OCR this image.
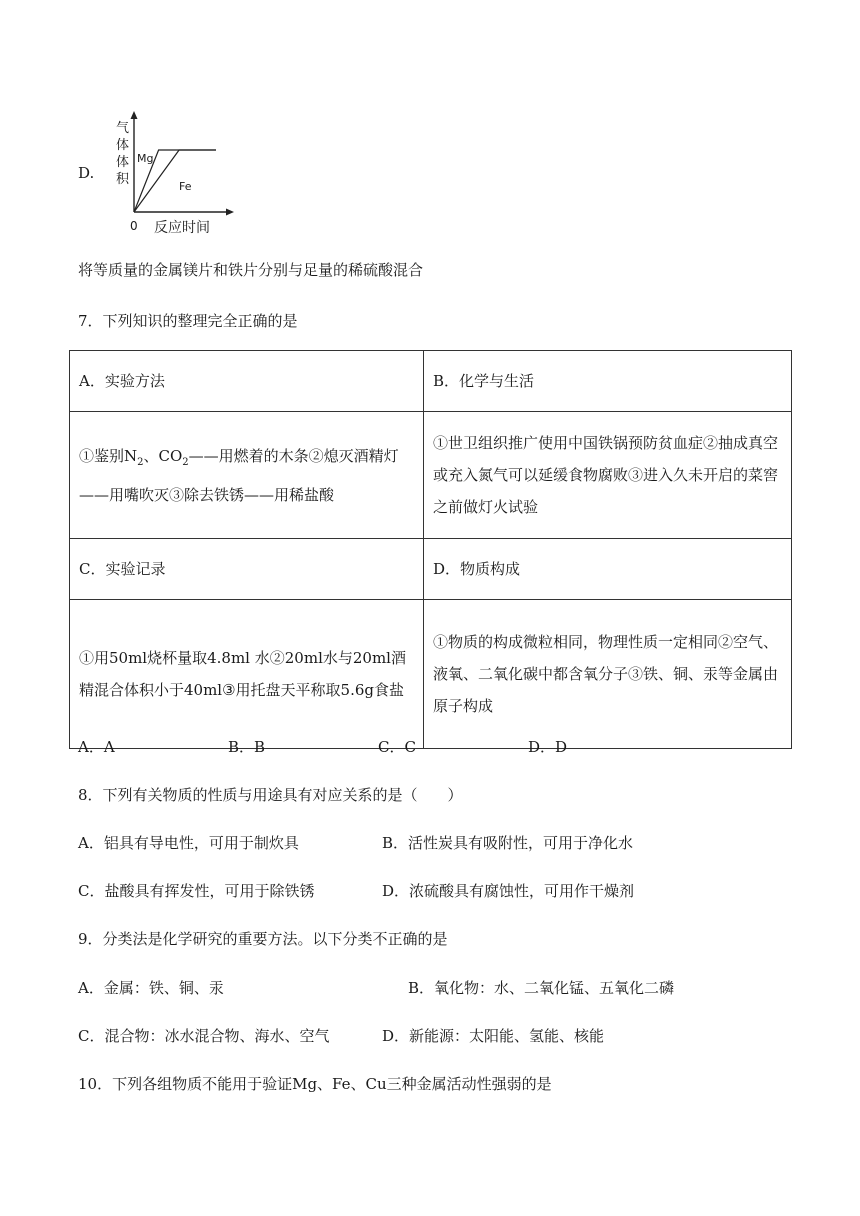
D.
气
体
体
积
Mg
Fe
0 反应时间
将等质量的金属镁片和铁片分别与足量的稀硫酸混合
7．下列知识的整理完全正确的是
A．实验方法	B．化学与生活
①鉴别$N_2$、$CO_2——$用燃着的木条②熄灭酒精灯——用嘴吹灭③除去铁锈——用稀盐酸	①世卫组织推广使用中国铁锅预防贫血症②抽成真空或充入氮气可以延缓食物腐败③进入久未开启的菜窖之前做灯火试验
C．实验记录	D．物质构成
①用50ml烧杯量取4.8ml 水②20ml水与20ml酒精混合体积小于40ml③用托盘天平称取5.6g食盐	①物质的构成微粒相同，物理性质一定相同②空气、液氧、二氧化碳中都含氧分子③铁、铜、汞等金属由原子构成
A．A	B．B	C．C	D．D
8．下列有关物质的性质与用途具有对应关系的是（　　）
A．铝具有导电性，可用于制炊具	B．活性炭具有吸附性，可用于净化水
C．盐酸具有挥发性，可用于除铁锈	D．浓硫酸具有腐蚀性，可用作干燥剂
9．分类法是化学研究的重要方法。以下分类不正确的是
A．金属：铁、铜、汞	B．氧化物：水、二氧化锰、五氧化二磷
C．混合物：冰水混合物、海水、空气	D．新能源：太阳能、氢能、核能
10．下列各组物质不能用于验证Mg、Fe、Cu三种金属活动性强弱的是
